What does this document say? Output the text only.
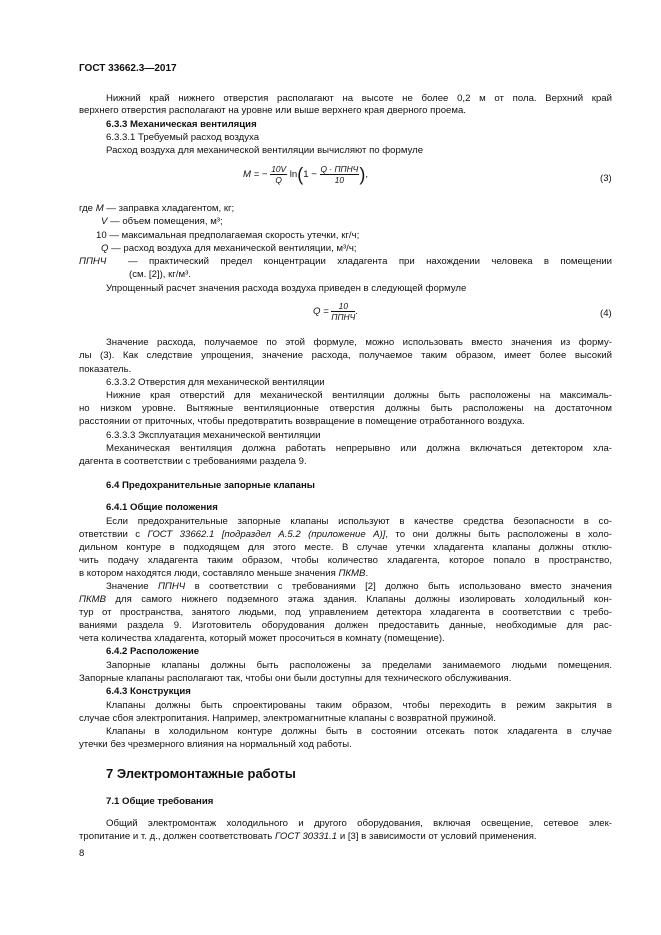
ГОСТ 33662.3—2017
Нижний край нижнего отверстия располагают на высоте не более 0,2 м от пола. Верхний край
верхнего отверстия располагают на уровне или выше верхнего края дверного проема.
6.3.3 Механическая вентиляция
6.3.3.1 Требуемый расход воздуха
Расход воздуха для механической вентиляции вычисляют по формуле
M = − $\frac{10V}{Q} \ln(1 - \frac{\text{Q · ППНЧ}}{10}$ ),	(3)
где M — заправка хладагентом, кг;
V — объем помещения, м³;
10 — максимальная предполагаемая скорость утечки, кг/ч;
Q — расход воздуха для механической вентиляции, м³/ч;
ППНЧ — практический предел концентрации хладагента при нахождении человека в помещении
(см. [2]), кг/м³.
Упрощенный расчет значения расхода воздуха приведен в следующей формуле
$Q = \frac{10}{\text{ППНЧ}}$ .	(4)
Значение расхода, получаемое по этой формуле, можно использовать вместо значения из форму-
лы (3). Как следствие упрощения, значение расхода, получаемое таким образом, имеет более высокий
показатель.
6.3.3.2 Отверстия для механической вентиляции
Нижние края отверстий для механической вентиляции должны быть расположены на максималь-
но низком уровне. Вытяжные вентиляционные отверстия должны быть расположены на достаточном
расстоянии от приточных, чтобы предотвратить возвращение в помещение отработанного воздуха.
6.3.3.3 Эксплуатация механической вентиляции
Механическая вентиляция должна работать непрерывно или должна включаться детектором хла-
дагента в соответствии с требованиями раздела 9.
6.4 Предохранительные запорные клапаны
6.4.1 Общие положения
Если предохранительные запорные клапаны используют в качестве средства безопасности в со-
ответствии с ГОСТ 33662.1 [подраздел А.5.2 (приложение А)], то они должны быть расположены в холо-
дильном контуре в подходящем для этого месте. В случае утечки хладагента клапаны должны отклю-
чить подачу хладагента таким образом, чтобы количество хладагента, которое попало в пространство,
в котором находятся люди, составляло меньше значения ПКМВ.
Значение ППНЧ в соответствии с требованиями [2] должно быть использовано вместо значения
ПКМВ для самого нижнего подземного этажа здания. Клапаны должны изолировать холодильный кон-
тур от пространства, занятого людьми, под управлением детектора хладагента в соответствии с требо-
ваниями раздела 9. Изготовитель оборудования должен предоставить данные, необходимые для рас-
чета количества хладагента, который может просочиться в комнату (помещение).
6.4.2 Расположение
Запорные клапаны должны быть расположены за пределами занимаемого людьми помещения.
Запорные клапаны располагают так, чтобы они были доступны для технического обслуживания.
6.4.3 Конструкция
Клапаны должны быть спроектированы таким образом, чтобы переходить в режим закрытия в
случае сбоя электропитания. Например, электромагнитные клапаны с возвратной пружиной.
Клапаны в холодильном контуре должны быть в состоянии отсекать поток хладагента в случае
утечки без чрезмерного влияния на нормальный ход работы.
7 Электромонтажные работы
7.1 Общие требования
Общий электромонтаж холодильного и другого оборудования, включая освещение, сетевое элек-
тропитание и т. д., должен соответствовать ГОСТ 30331.1 и [3] в зависимости от условий применения.
8
